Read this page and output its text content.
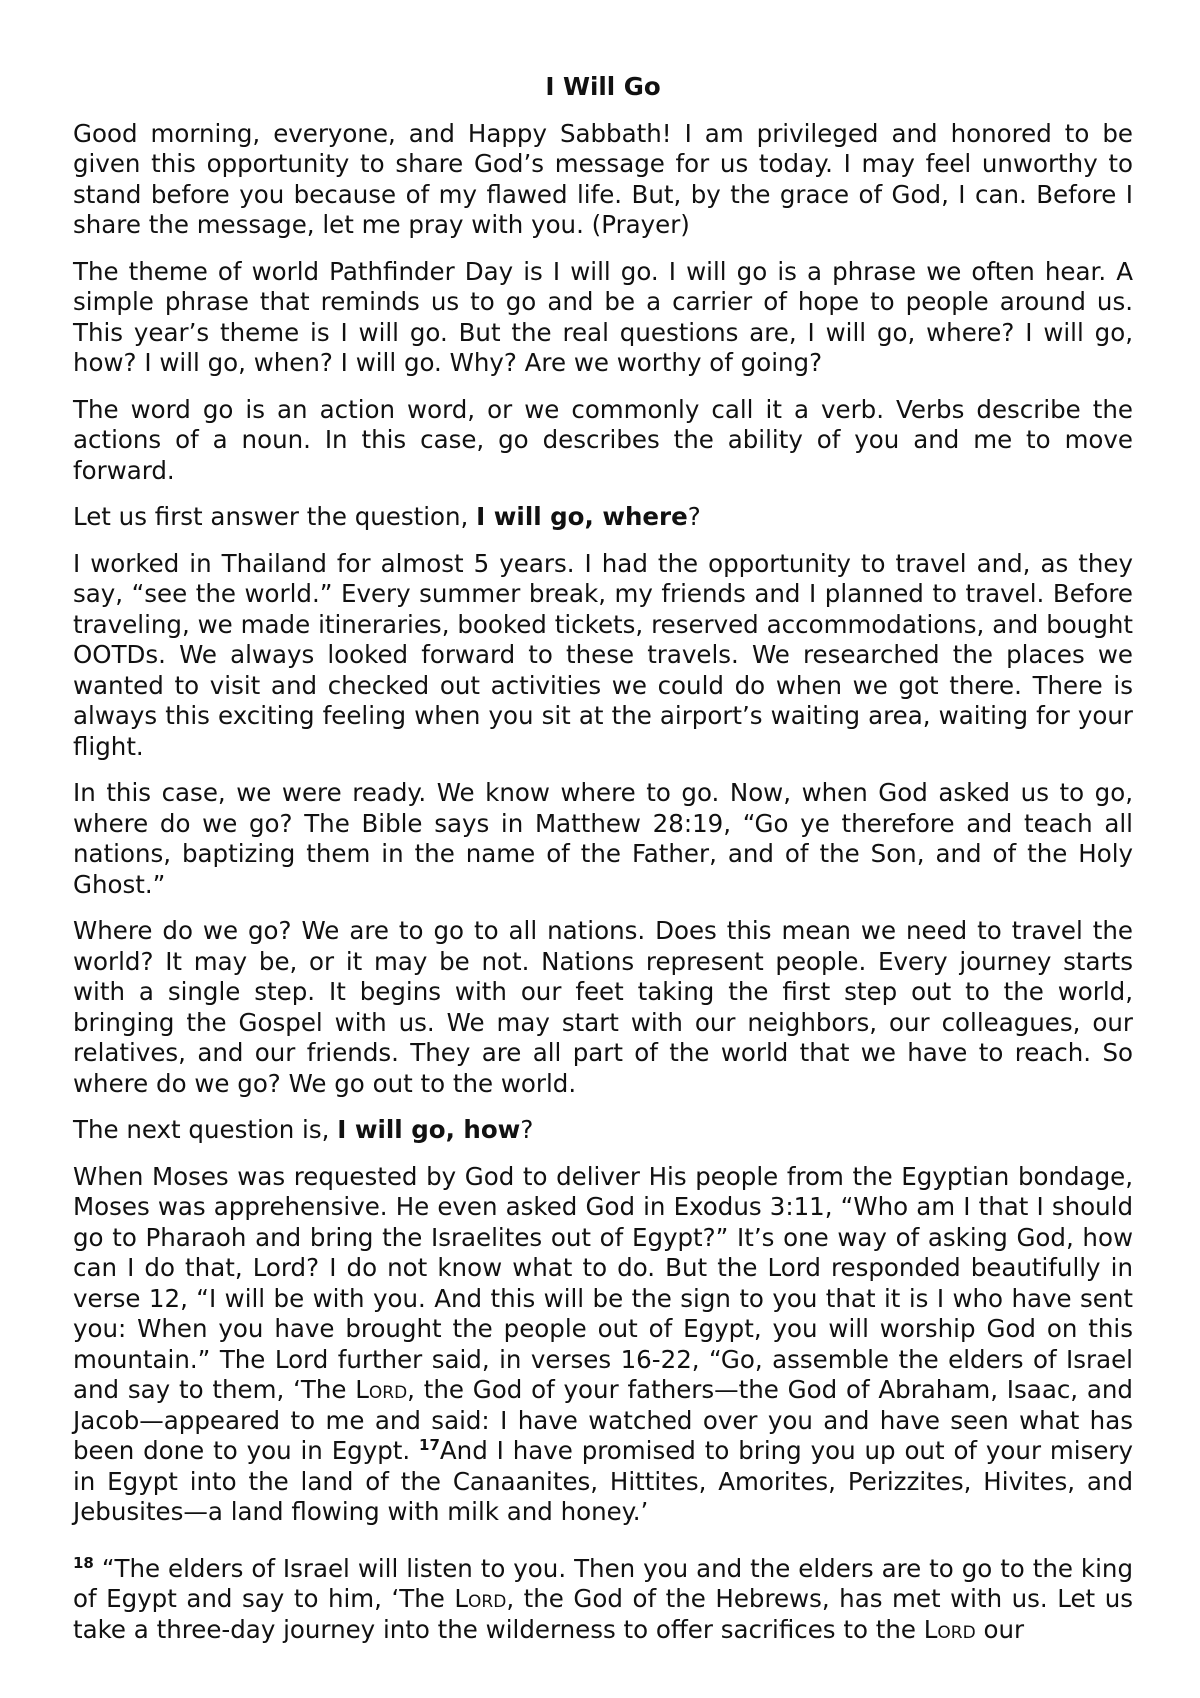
I Will Go

Good morning, everyone, and Happy Sabbath! I am privileged and honored to be given this opportunity to share God’s message for us today. I may feel unworthy to stand before you because of my flawed life. But, by the grace of God, I can. Before I share the message, let me pray with you. (Prayer)

The theme of world Pathfinder Day is I will go. I will go is a phrase we often hear. A simple phrase that reminds us to go and be a carrier of hope to people around us. This year’s theme is I will go. But the real questions are, I will go, where? I will go, how? I will go, when? I will go. Why? Are we worthy of going?

The word go is an action word, or we commonly call it a verb. Verbs describe the actions of a noun. In this case, go describes the ability of you and me to move forward.

Let us first answer the question, I will go, where?

I worked in Thailand for almost 5 years. I had the opportunity to travel and, as they say, “see the world.” Every summer break, my friends and I planned to travel. Before traveling, we made itineraries, booked tickets, reserved accommodations, and bought OOTDs. We always looked forward to these travels. We researched the places we wanted to visit and checked out activities we could do when we got there. There is always this exciting feeling when you sit at the airport’s waiting area, waiting for your flight.

In this case, we were ready. We know where to go. Now, when God asked us to go, where do we go? The Bible says in Matthew 28:19, “Go ye therefore and teach all nations, baptizing them in the name of the Father, and of the Son, and of the Holy Ghost.”

Where do we go? We are to go to all nations. Does this mean we need to travel the world? It may be, or it may be not. Nations represent people. Every journey starts with a single step. It begins with our feet taking the first step out to the world, bringing the Gospel with us. We may start with our neighbors, our colleagues, our relatives, and our friends. They are all part of the world that we have to reach. So where do we go? We go out to the world.

The next question is, I will go, how?

When Moses was requested by God to deliver His people from the Egyptian bondage, Moses was apprehensive. He even asked God in Exodus 3:11, “Who am I that I should go to Pharaoh and bring the Israelites out of Egypt?” It’s one way of asking God, how can I do that, Lord? I do not know what to do. But the Lord responded beautifully in verse 12, “I will be with you. And this will be the sign to you that it is I who have sent you: When you have brought the people out of Egypt, you will worship God on this mountain.” The Lord further said, in verses 16-22, “Go, assemble the elders of Israel and say to them, ‘The Lord, the God of your fathers—the God of Abraham, Isaac, and Jacob—appeared to me and said: I have watched over you and have seen what has been done to you in Egypt. $^{17}$And I have promised to bring you up out of your misery in Egypt into the land of the Canaanites, Hittites, Amorites, Perizzites, Hivites, and Jebusites—a land flowing with milk and honey.’

$^{18}$ “The elders of Israel will listen to you. Then you and the elders are to go to the king of Egypt and say to him, ‘The Lord, the God of the Hebrews, has met with us. Let us take a three-day journey into the wilderness to offer sacrifices to the Lord our
